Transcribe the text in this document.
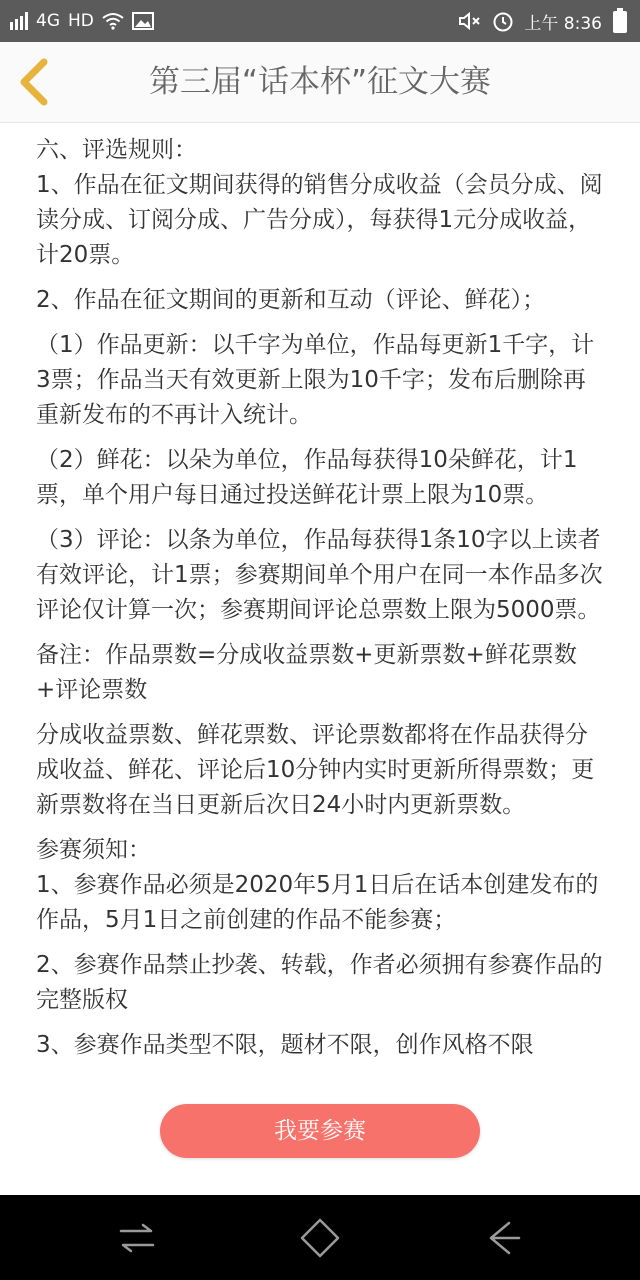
4G HD	上午 8:36
第三届“话本杯”征文大赛

六、评选规则：
1、作品在征文期间获得的销售分成收益（会员分成、阅读分成、订阅分成、广告分成），每获得1元分成收益，计20票。

2、作品在征文期间的更新和互动（评论、鲜花）；

（1）作品更新：以千字为单位，作品每更新1千字，计3票；作品当天有效更新上限为10千字；发布后删除再重新发布的不再计入统计。

（2）鲜花：以朵为单位，作品每获得10朵鲜花，计1票，单个用户每日通过投送鲜花计票上限为10票。

（3）评论：以条为单位，作品每获得1条10字以上读者有效评论，计1票；参赛期间单个用户在同一本作品多次评论仅计算一次；参赛期间评论总票数上限为5000票。

备注：作品票数=分成收益票数+更新票数+鲜花票数+评论票数

分成收益票数、鲜花票数、评论票数都将在作品获得分成收益、鲜花、评论后10分钟内实时更新所得票数；更新票数将在当日更新后次日24小时内更新票数。

参赛须知：
1、参赛作品必须是2020年5月1日后在话本创建发布的作品，5月1日之前创建的作品不能参赛；

2、参赛作品禁止抄袭、转载，作者必须拥有参赛作品的完整版权

3、参赛作品类型不限，题材不限，创作风格不限

我要参赛
